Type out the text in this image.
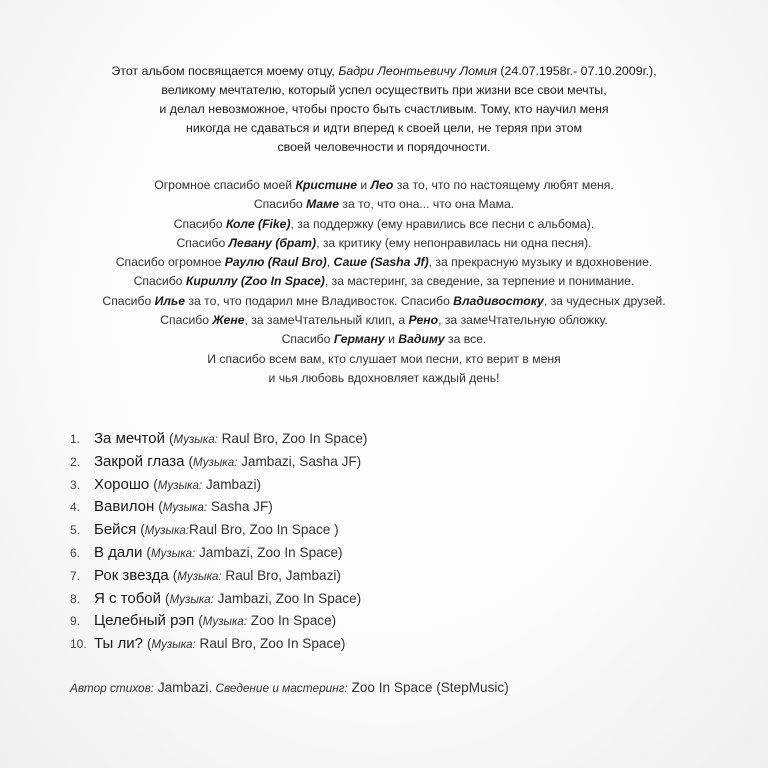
Этот альбом посвящается моему отцу, Бадри Леонтьевичу Ломия (24.07.1958г.- 07.10.2009г.),
великому мечтателю, который успел осуществить при жизни все свои мечты,
и делал невозможное, чтобы просто быть счастливым. Тому, кто научил меня
никогда не сдаваться и идти вперед к своей цели, не теряя при этом
своей человечности и порядочности.
Огромное спасибо моей Кристине и Лео за то, что по настоящему любят меня.
Спасибо Маме за то, что она... что она Мама.
Спасибо Коле (Fike), за поддержку (ему нравились все песни с альбома).
Спасибо Левану (брат), за критику (ему непонравилась ни одна песня).
Спасибо огромное Раулю (Raul Bro), Саше (Sasha Jf), за прекрасную музыку и вдохновение.
Спасибо Кириллу (Zoo In Space), за мастеринг, за сведение, за терпение и понимание.
Спасибо Илье за то, что подарил мне Владивосток. Спасибо Владивостоку, за чудесных друзей.
Спасибо Жене, за замеЧтательный клип, а Рено, за замеЧтательную обложку.
Спасибо Герману и Вадиму за все.
И спасибо всем вам, кто слушает мои песни, кто верит в меня
и чья любовь вдохновляет каждый день!
1. За мечтой (Музыка: Raul Bro, Zoo In Space)
2. Закрой глаза (Музыка: Jambazi, Sasha JF)
3. Хорошо (Музыка: Jambazi)
4. Вавилон (Музыка: Sasha JF)
5. Бейся (Музыка:Raul Bro, Zoo In Space )
6. В дали (Музыка: Jambazi, Zoo In Space)
7. Рок звезда (Музыка: Raul Bro, Jambazi)
8. Я с тобой (Музыка: Jambazi, Zoo In Space)
9. Целебный рэп (Музыка: Zoo In Space)
10. Ты ли? (Музыка: Raul Bro, Zoo In Space)
Автор стихов: Jambazi. Сведение и мастеринг: Zoo In Space (StepMusic)
